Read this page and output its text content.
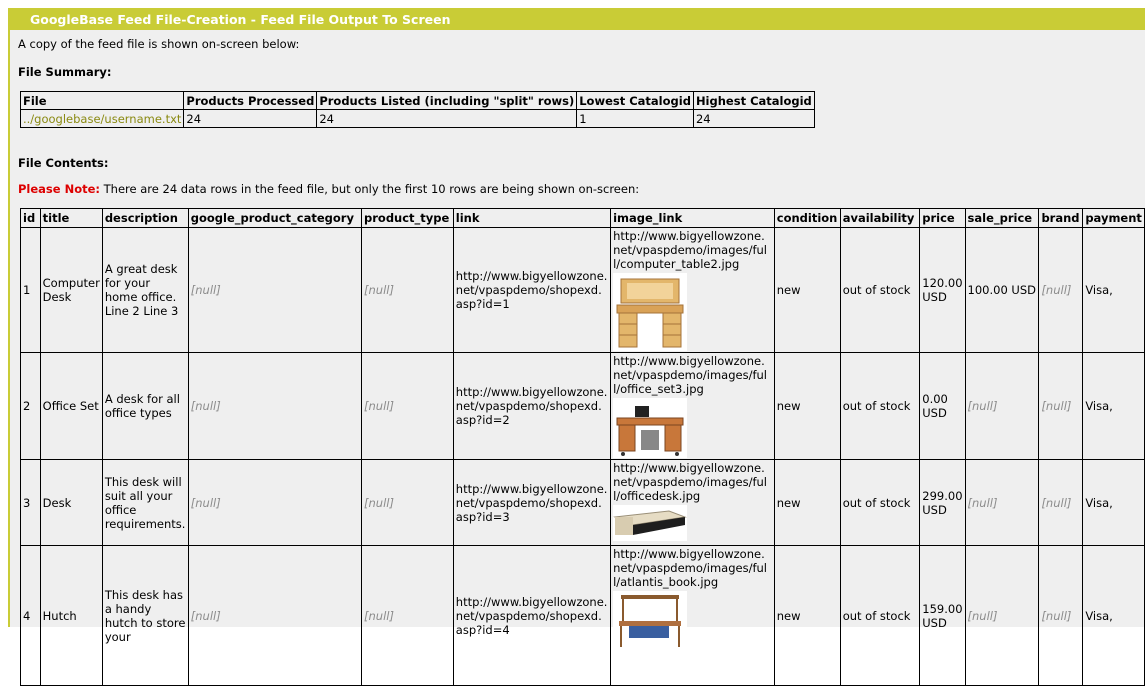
GoogleBase Feed File-Creation - Feed File Output To Screen
A copy of the feed file is shown on-screen below:
File Summary:
File	Products Processed	Products Listed (including "split" rows)	Lowest Catalogid	Highest Catalogid
../googlebase/username.txt	24	24	1	24
File Contents:
Please Note: There are 24 data rows in the feed file, but only the first 10 rows are being shown on-screen:
id	title	description	google_product_category	product_type	link	image_link	condition	availability	price	sale_price	brand	payment
1	Computer Desk	A great desk for your home office. Line 2 Line 3	[null]	[null]	http://www.bigyellowzone.net/vpaspdemo/shopexd.asp?id=1	http://www.bigyellowzone.net/vpaspdemo/images/full/computer_table2.jpg	new	out of stock	120.00 USD	100.00 USD	[null]	Visa,
2	Office Set	A desk for all office types	[null]	[null]	http://www.bigyellowzone.net/vpaspdemo/shopexd.asp?id=2	http://www.bigyellowzone.net/vpaspdemo/images/full/office_set3.jpg	new	out of stock	0.00 USD	[null]	[null]	Visa,
3	Desk	This desk will suit all your office requirements.	[null]	[null]	http://www.bigyellowzone.net/vpaspdemo/shopexd.asp?id=3	http://www.bigyellowzone.net/vpaspdemo/images/full/officedesk.jpg	new	out of stock	299.00 USD	[null]	[null]	Visa,
4	Hutch	This desk has a handy hutch to store your	[null]	[null]	http://www.bigyellowzone.net/vpaspdemo/shopexd.asp?id=4	http://www.bigyellowzone.net/vpaspdemo/images/full/atlantis_book.jpg	new	out of stock	159.00 USD	[null]	[null]	Visa,
